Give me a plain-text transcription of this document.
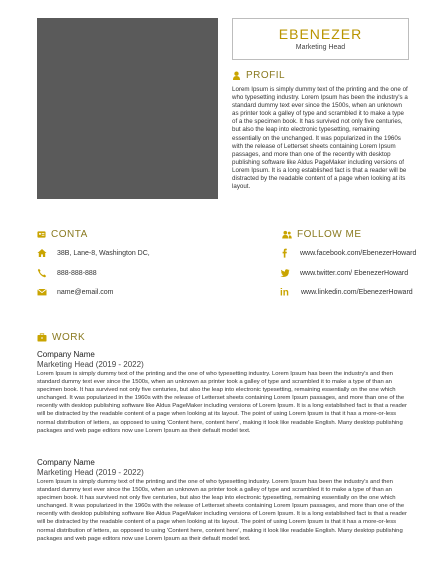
EBENEZER
Marketing Head
PROFIL
Lorem Ipsum is simply dummy text of the printing and the one of who typesetting industry. Lorem Ipsum has been the industry's a standard dummy text ever since the 1500s, when an unknown as printer took a galley of type and scrambled it to make a type of a the specimen book. It has survived not only five centuries, but also the leap into electronic typesetting, remaining essentially on the unchanged. It was popularized in the 1960s with the release of Letterset sheets containing Lorem Ipsum passages, and more than one of the recently with desktop publishing software like Aldus PageMaker including versions of Lorem Ipsum. It is a long established fact is that a reader will be distracted by the readable content of a page when looking at its layout.
CONTA
38B, Lane-8, Washington DC,
888-888-888
name@email.com
FOLLOW ME
www.facebook.com/EbenezerHoward
www.twitter.com/ EbenezerHoward
in www.linkedin.com/EbenezerHoward
WORK
Company Name
Marketing Head (2019 - 2022)
Lorem Ipsum is simply dummy text of the printing and the one of who typesetting industry. Lorem Ipsum has been the industry's and then standard dummy text ever since the 1500s, when an unknown as printer took a galley of type and scrambled it to make a type of than an specimen book. It has survived not only five centuries, but also the leap into electronic typesetting, remaining essentially on the one which unchanged. It was popularized in the 1960s with the release of Letterset sheets containing Lorem Ipsum passages, and more than one of the recently with desktop publishing software like Aldus PageMaker including versions of Lorem Ipsum. It is a long established fact is that a reader will be distracted by the readable content of a page when looking at its layout. The point of using Lorem Ipsum is that it has a more-or-less normal distribution of letters, as opposed to using 'Content here, content here', making it look like readable English. Many desktop publishing packages and web page editors now use Lorem Ipsum as their default model text.
Company Name
Marketing Head (2019 - 2022)
Lorem Ipsum is simply dummy text of the printing and the one of who typesetting industry. Lorem Ipsum has been the industry's and then standard dummy text ever since the 1500s, when an unknown as printer took a galley of type and scrambled it to make a type of than an specimen book. It has survived not only five centuries, but also the leap into electronic typesetting, remaining essentially on the one which unchanged. It was popularized in the 1960s with the release of Letterset sheets containing Lorem Ipsum passages, and more than one of the recently with desktop publishing software like Aldus PageMaker including versions of Lorem Ipsum. It is a long established fact is that a reader will be distracted by the readable content of a page when looking at its layout. The point of using Lorem Ipsum is that it has a more-or-less normal distribution of letters, as opposed to using 'Content here, content here', making it look like readable English. Many desktop publishing packages and web page editors now use Lorem Ipsum as their default model text.
